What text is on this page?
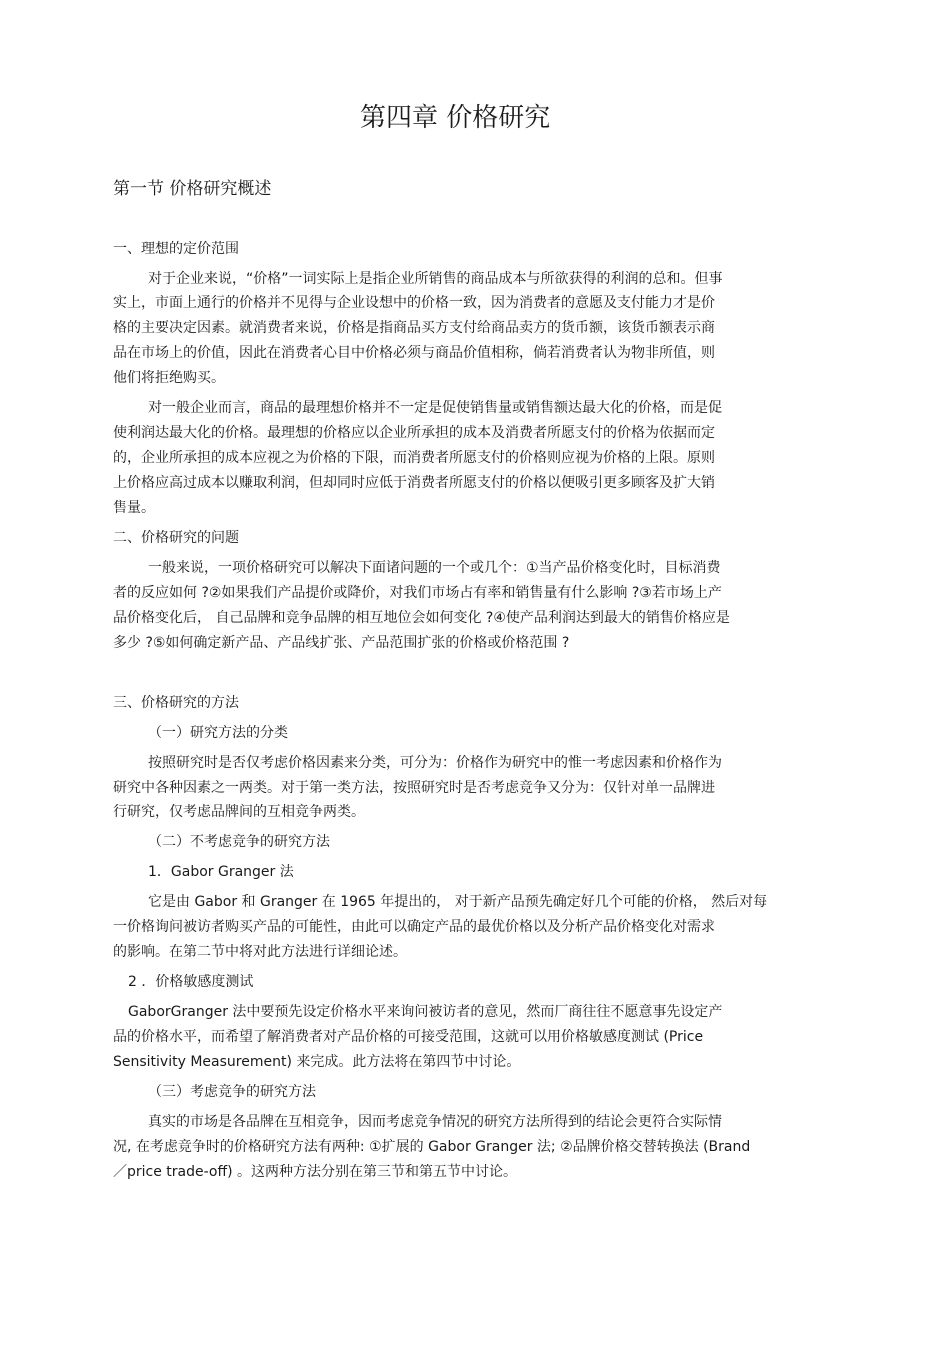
第四章 价格研究
第一节 价格研究概述
一、理想的定价范围
对于企业来说，“价格”一词实际上是指企业所销售的商品成本与所欲获得的利润的总和。但事
实上，市面上通行的价格并不见得与企业设想中的价格一致，因为消费者的意愿及支付能力才是价
格的主要决定因素。就消费者来说，价格是指商品买方支付给商品卖方的货币额，该货币额表示商
品在市场上的价值，因此在消费者心目中价格必须与商品价值相称，倘若消费者认为物非所值，则
他们将拒绝购买。
对一般企业而言，商品的最理想价格并不一定是促使销售量或销售额达最大化的价格，而是促
使利润达最大化的价格。最理想的价格应以企业所承担的成本及消费者所愿支付的价格为依据而定
的，企业所承担的成本应视之为价格的下限，而消费者所愿支付的价格则应视为价格的上限。原则
上价格应高过成本以赚取利润，但却同时应低于消费者所愿支付的价格以便吸引更多顾客及扩大销
售量。
二、价格研究的问题
一般来说，一项价格研究可以解决下面诸问题的一个或几个：①当产品价格变化时，目标消费
者的反应如何 ?②如果我们产品提价或降价，对我们市场占有率和销售量有什么影响 ?③若市场上产
品价格变化后， 自己品牌和竞争品牌的相互地位会如何变化 ?④使产品利润达到最大的销售价格应是
多少 ?⑤如何确定新产品、产品线扩张、产品范围扩张的价格或价格范围 ?
三、价格研究的方法
（一）研究方法的分类
按照研究时是否仅考虑价格因素来分类，可分为：价格作为研究中的惟一考虑因素和价格作为
研究中各种因素之一两类。对于第一类方法，按照研究时是否考虑竞争又分为：仅针对单一品牌进
行研究，仅考虑品牌间的互相竞争两类。
（二）不考虑竞争的研究方法
1．Gabor Granger 法
它是由 Gabor 和 Granger 在 1965 年提出的， 对于新产品预先确定好几个可能的价格， 然后对每
一价格询问被访者购买产品的可能性，由此可以确定产品的最优价格以及分析产品价格变化对需求
的影响。在第二节中将对此方法进行详细论述。
2 ．价格敏感度测试
GaborGranger 法中要预先设定价格水平来询问被访者的意见，然而厂商往往不愿意事先设定产
品的价格水平，而希望了解消费者对产品价格的可接受范围，这就可以用价格敏感度测试 (Price
Sensitivity Measurement) 来完成。此方法将在第四节中讨论。
（三）考虑竞争的研究方法
真实的市场是各品牌在互相竞争，因而考虑竞争情况的研究方法所得到的结论会更符合实际情
况, 在考虑竞争时的价格研究方法有两种: ①扩展的 Gabor Granger 法; ②品牌价格交替转换法 (Brand
／price trade-off) 。这两种方法分别在第三节和第五节中讨论。
